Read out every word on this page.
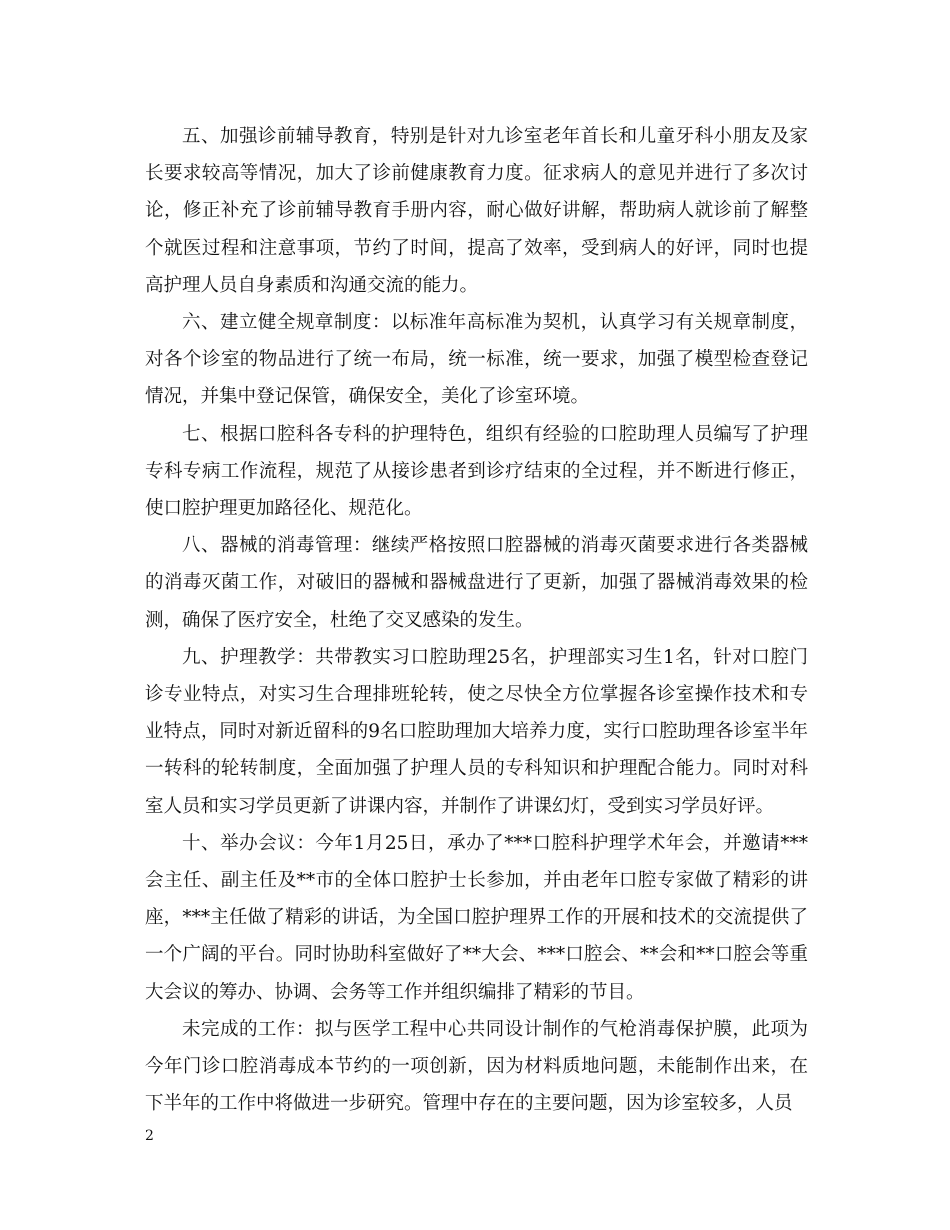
五、加强诊前辅导教育，特别是针对九诊室老年首长和儿童牙科小朋友及家长要求较高等情况，加大了诊前健康教育力度。征求病人的意见并进行了多次讨论，修正补充了诊前辅导教育手册内容，耐心做好讲解，帮助病人就诊前了解整个就医过程和注意事项，节约了时间，提高了效率，受到病人的好评，同时也提高护理人员自身素质和沟通交流的能力。

六、建立健全规章制度：以标准年高标准为契机，认真学习有关规章制度，对各个诊室的物品进行了统一布局，统一标准，统一要求，加强了模型检查登记情况，并集中登记保管，确保安全，美化了诊室环境。

七、根据口腔科各专科的护理特色，组织有经验的口腔助理人员编写了护理专科专病工作流程，规范了从接诊患者到诊疗结束的全过程，并不断进行修正，使口腔护理更加路径化、规范化。

八、器械的消毒管理：继续严格按照口腔器械的消毒灭菌要求进行各类器械的消毒灭菌工作，对破旧的器械和器械盘进行了更新，加强了器械消毒效果的检测，确保了医疗安全，杜绝了交叉感染的发生。

九、护理教学：共带教实习口腔助理25名，护理部实习生1名，针对口腔门诊专业特点，对实习生合理排班轮转，使之尽快全方位掌握各诊室操作技术和专业特点，同时对新近留科的9名口腔助理加大培养力度，实行口腔助理各诊室半年一转科的轮转制度，全面加强了护理人员的专科知识和护理配合能力。同时对科室人员和实习学员更新了讲课内容，并制作了讲课幻灯，受到实习学员好评。

十、举办会议：今年1月25日，承办了***口腔科护理学术年会，并邀请***会主任、副主任及**市的全体口腔护士长参加，并由老年口腔专家做了精彩的讲座，***主任做了精彩的讲话，为全国口腔护理界工作的开展和技术的交流提供了一个广阔的平台。同时协助科室做好了**大会、***口腔会、**会和**口腔会等重大会议的筹办、协调、会务等工作并组织编排了精彩的节目。

未完成的工作：拟与医学工程中心共同设计制作的气枪消毒保护膜，此项为今年门诊口腔消毒成本节约的一项创新，因为材料质地问题，未能制作出来，在下半年的工作中将做进一步研究。管理中存在的主要问题，因为诊室较多，人员

2
